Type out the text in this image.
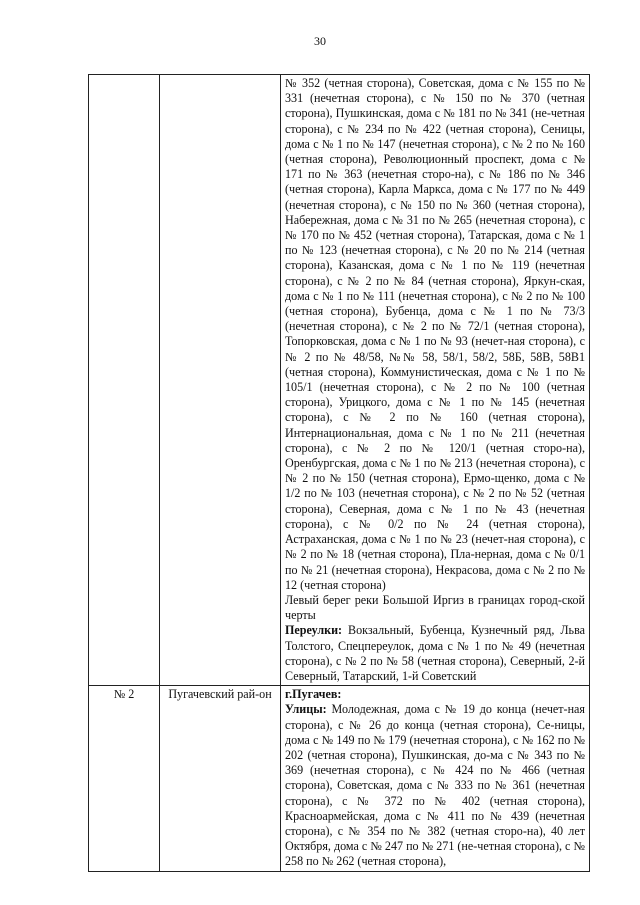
30

		№ 352 (четная сторона), Советская, дома с № 155 по № 331 (нечетная сторона), с № 150 по № 370 (четная сторона), Пушкинская, дома с № 181 по № 341 (не-четная сторона), с № 234 по № 422 (четная сторона), Сеницы, дома с № 1 по № 147 (нечетная сторона), с № 2 по № 160 (четная сторона), Революционный проспект, дома с № 171 по № 363 (нечетная сторо-на), с № 186 по № 346 (четная сторона), Карла Маркса, дома с № 177 по № 449 (нечетная сторона), с № 150 по № 360 (четная сторона), Набережная, дома с № 31 по № 265 (нечетная сторона), с № 170 по № 452 (четная сторона), Татарская, дома с № 1 по № 123 (нечетная сторона), с № 20 по № 214 (четная сторона), Казанская, дома с № 1 по № 119 (нечетная сторона), с № 2 по № 84 (четная сторона), Яркун-ская, дома с № 1 по № 111 (нечетная сторона), с № 2 по № 100 (четная сторона), Бубенца, дома с № 1 по № 73/3 (нечетная сторона), с № 2 по № 72/1 (четная сторона), Топорковская, дома с № 1 по № 93 (нечет-ная сторона), с № 2 по № 48/58, №№ 58, 58/1, 58/2, 58Б, 58В, 58В1 (четная сторона), Коммунистическая, дома с № 1 по № 105/1 (нечетная сторона), с № 2 по № 100 (четная сторона), Урицкого, дома с № 1 по № 145 (нечетная сторона), с № 2 по № 160 (четная сторона), Интернациональная, дома с № 1 по № 211 (нечетная сторона), с № 2 по № 120/1 (четная сторо-на), Оренбургская, дома с № 1 по № 213 (нечетная сторона), с № 2 по № 150 (четная сторона), Ермо-щенко, дома с № 1/2 по № 103 (нечетная сторона), с № 2 по № 52 (четная сторона), Северная, дома с № 1 по № 43 (нечетная сторона), с № 0/2 по № 24 (четная сторона), Астраханская, дома с № 1 по № 23 (нечет-ная сторона), с № 2 по № 18 (четная сторона), Пла-нерная, дома с № 0/1 по № 21 (нечетная сторона), Некрасова, дома с № 2 по № 12 (четная сторона)
Левый берег реки Большой Иргиз в границах город-ской черты
Переулки: Вокзальный, Бубенца, Кузнечный ряд, Льва Толстого, Спецпереулок, дома с № 1 по № 49 (нечетная сторона), с № 2 по № 58 (четная сторона), Северный, 2-й Северный, Татарский, 1-й Советский

№ 2	Пугачевский рай-он	г.Пугачев:
Улицы: Молодежная, дома с № 19 до конца (нечет-ная сторона), с № 26 до конца (четная сторона), Се-ницы, дома с № 149 по № 179 (нечетная сторона), с № 162 по № 202 (четная сторона), Пушкинская, до-ма с № 343 по № 369 (нечетная сторона), с № 424 по № 466 (четная сторона), Советская, дома с № 333 по № 361 (нечетная сторона), с № 372 по № 402 (четная сторона), Красноармейская, дома с № 411 по № 439 (нечетная сторона), с № 354 по № 382 (четная сторо-на), 40 лет Октября, дома с № 247 по № 271 (не-четная сторона), с № 258 по № 262 (четная сторона),
